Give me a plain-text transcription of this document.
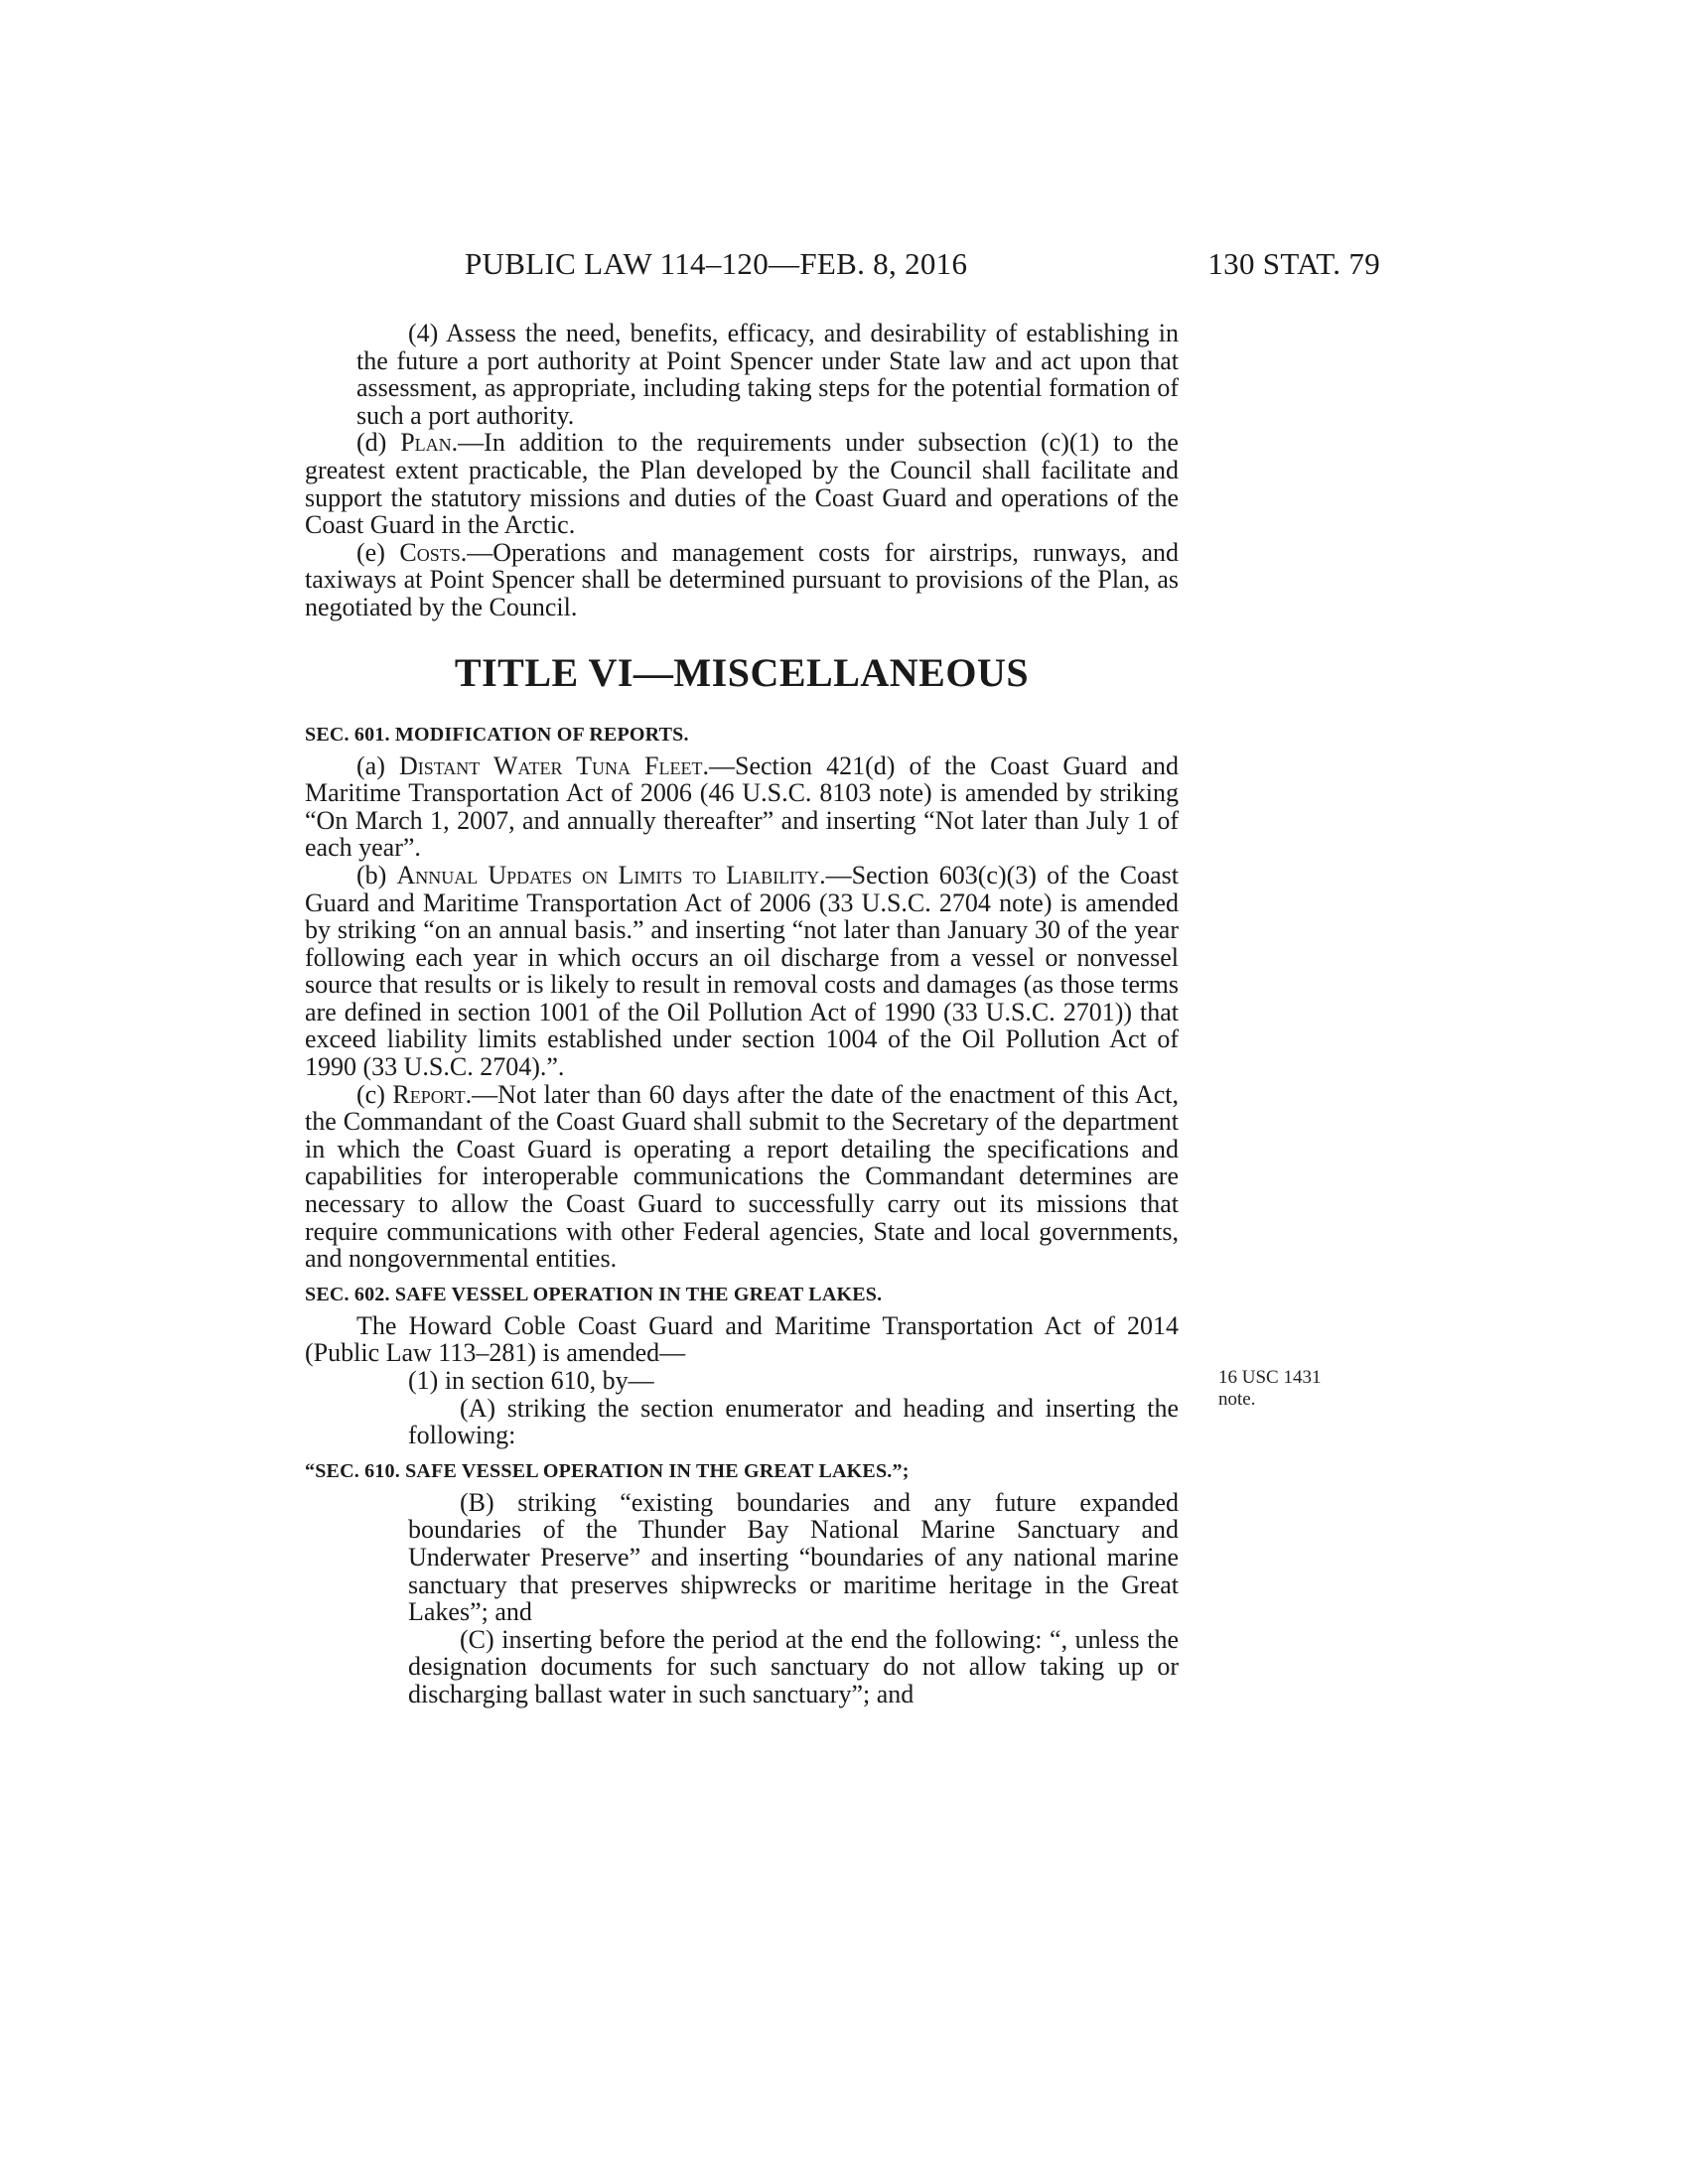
PUBLIC LAW 114–120—FEB. 8, 2016	130 STAT. 79

(4) Assess the need, benefits, efficacy, and desirability of establishing in the future a port authority at Point Spencer under State law and act upon that assessment, as appropriate, including taking steps for the potential formation of such a port authority.

(d) Plan.—In addition to the requirements under subsection (c)(1) to the greatest extent practicable, the Plan developed by the Council shall facilitate and support the statutory missions and duties of the Coast Guard and operations of the Coast Guard in the Arctic.

(e) Costs.—Operations and management costs for airstrips, runways, and taxiways at Point Spencer shall be determined pursuant to provisions of the Plan, as negotiated by the Council.

TITLE VI—MISCELLANEOUS
SEC. 601. MODIFICATION OF REPORTS.

(a) Distant Water Tuna Fleet.—Section 421(d) of the Coast Guard and Maritime Transportation Act of 2006 (46 U.S.C. 8103 note) is amended by striking “On March 1, 2007, and annually thereafter” and inserting “Not later than July 1 of each year”.

(b) Annual Updates on Limits to Liability.—Section 603(c)(3) of the Coast Guard and Maritime Transportation Act of 2006 (33 U.S.C. 2704 note) is amended by striking “on an annual basis.” and inserting “not later than January 30 of the year following each year in which occurs an oil discharge from a vessel or nonvessel source that results or is likely to result in removal costs and damages (as those terms are defined in section 1001 of the Oil Pollution Act of 1990 (33 U.S.C. 2701)) that exceed liability limits established under section 1004 of the Oil Pollution Act of 1990 (33 U.S.C. 2704).”.

(c) Report.—Not later than 60 days after the date of the enactment of this Act, the Commandant of the Coast Guard shall submit to the Secretary of the department in which the Coast Guard is operating a report detailing the specifications and capabilities for interoperable communications the Commandant determines are necessary to allow the Coast Guard to successfully carry out its missions that require communications with other Federal agencies, State and local governments, and nongovernmental entities.

SEC. 602. SAFE VESSEL OPERATION IN THE GREAT LAKES.

The Howard Coble Coast Guard and Maritime Transportation Act of 2014 (Public Law 113–281) is amended—

(1) in section 610, by—	16 USC 1431 note.

(A) striking the section enumerator and heading and inserting the following:

“SEC. 610. SAFE VESSEL OPERATION IN THE GREAT LAKES.”;

(B) striking “existing boundaries and any future expanded boundaries of the Thunder Bay National Marine Sanctuary and Underwater Preserve” and inserting “boundaries of any national marine sanctuary that preserves shipwrecks or maritime heritage in the Great Lakes”; and

(C) inserting before the period at the end the following: “, unless the designation documents for such sanctuary do not allow taking up or discharging ballast water in such sanctuary”; and
